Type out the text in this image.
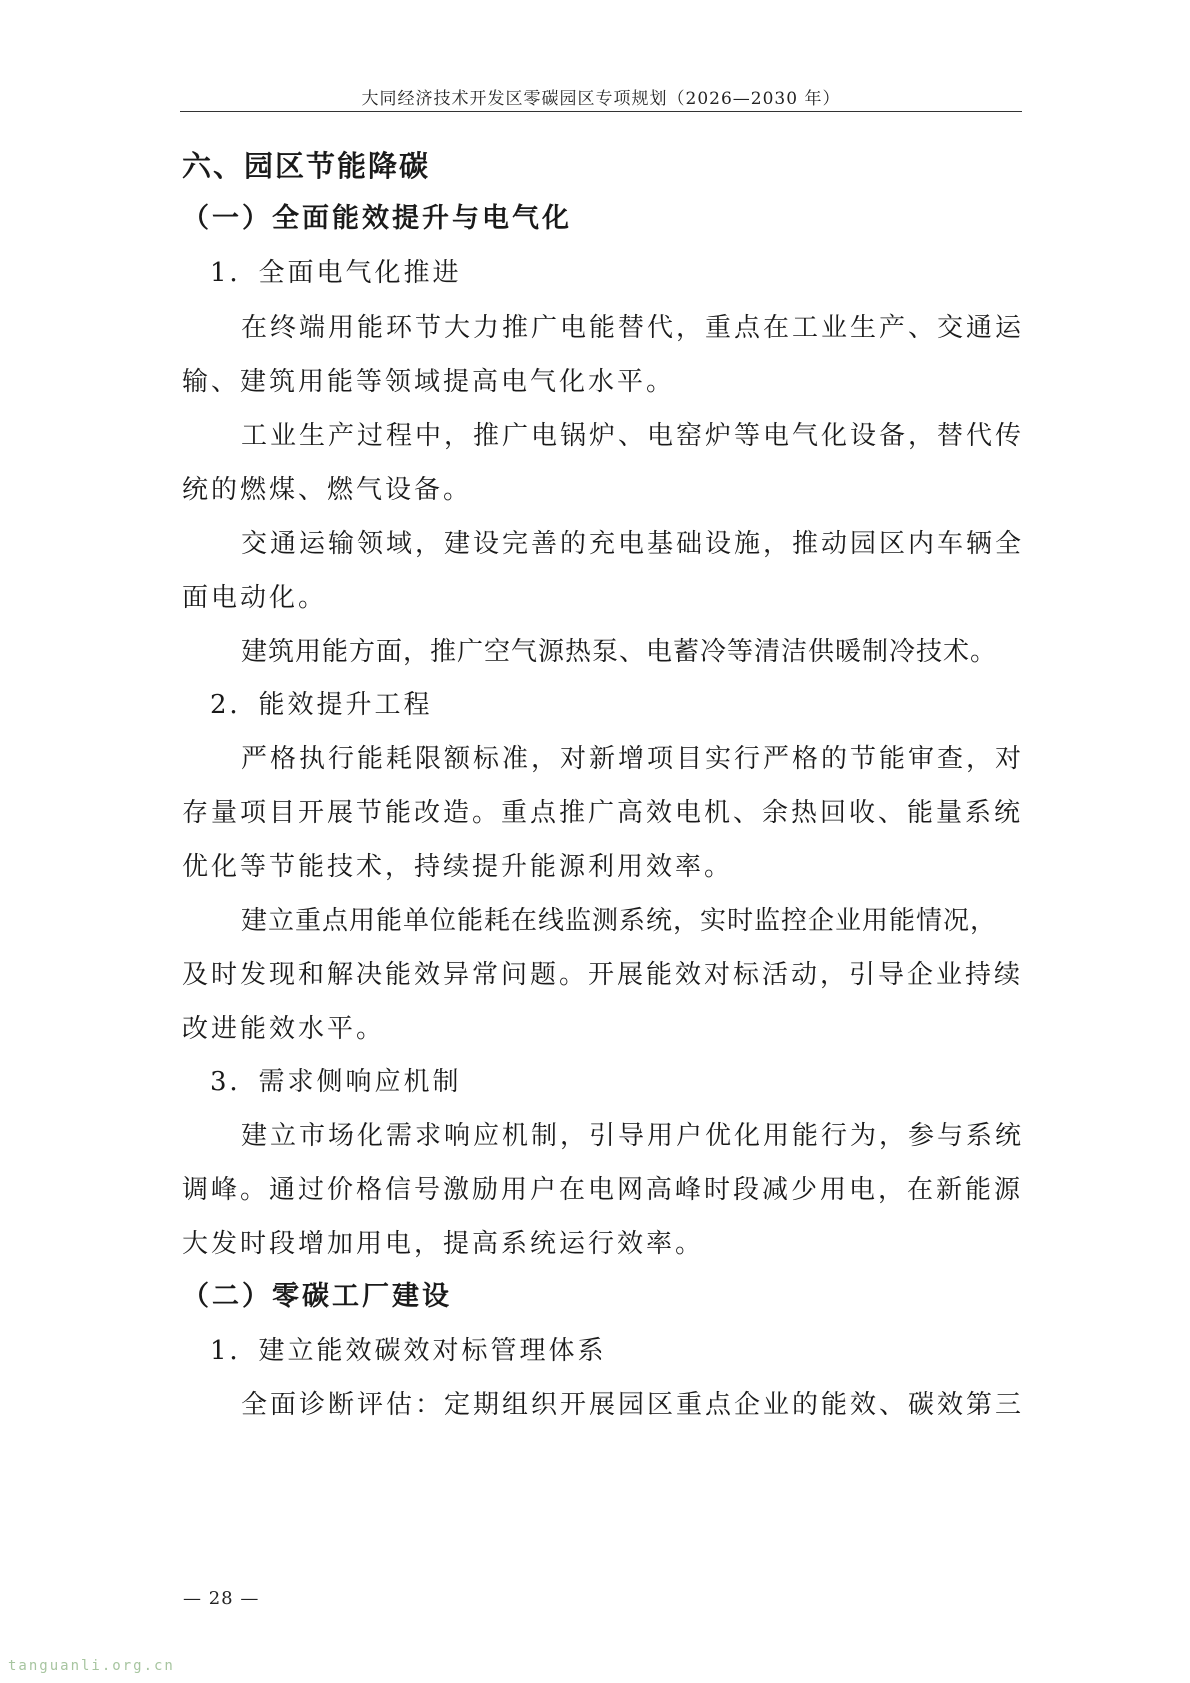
大同经济技术开发区零碳园区专项规划（2026—2030 年）
六、园区节能降碳
（一）全面能效提升与电气化
1．全面电气化推进
在终端用能环节大力推广电能替代，重点在工业生产、交通运
输、建筑用能等领域提高电气化水平。
工业生产过程中，推广电锅炉、电窑炉等电气化设备，替代传
统的燃煤、燃气设备。
交通运输领域，建设完善的充电基础设施，推动园区内车辆全
面电动化。
建筑用能方面，推广空气源热泵、电蓄冷等清洁供暖制冷技术。
2．能效提升工程
严格执行能耗限额标准，对新增项目实行严格的节能审查，对
存量项目开展节能改造。重点推广高效电机、余热回收、能量系统
优化等节能技术，持续提升能源利用效率。
建立重点用能单位能耗在线监测系统，实时监控企业用能情况，
及时发现和解决能效异常问题。开展能效对标活动，引导企业持续
改进能效水平。
3．需求侧响应机制
建立市场化需求响应机制，引导用户优化用能行为，参与系统
调峰。通过价格信号激励用户在电网高峰时段减少用电，在新能源
大发时段增加用电，提高系统运行效率。
（二）零碳工厂建设
1．建立能效碳效对标管理体系
全面诊断评估：定期组织开展园区重点企业的能效、碳效第三
— 28 —
tanguanli.org.cn
